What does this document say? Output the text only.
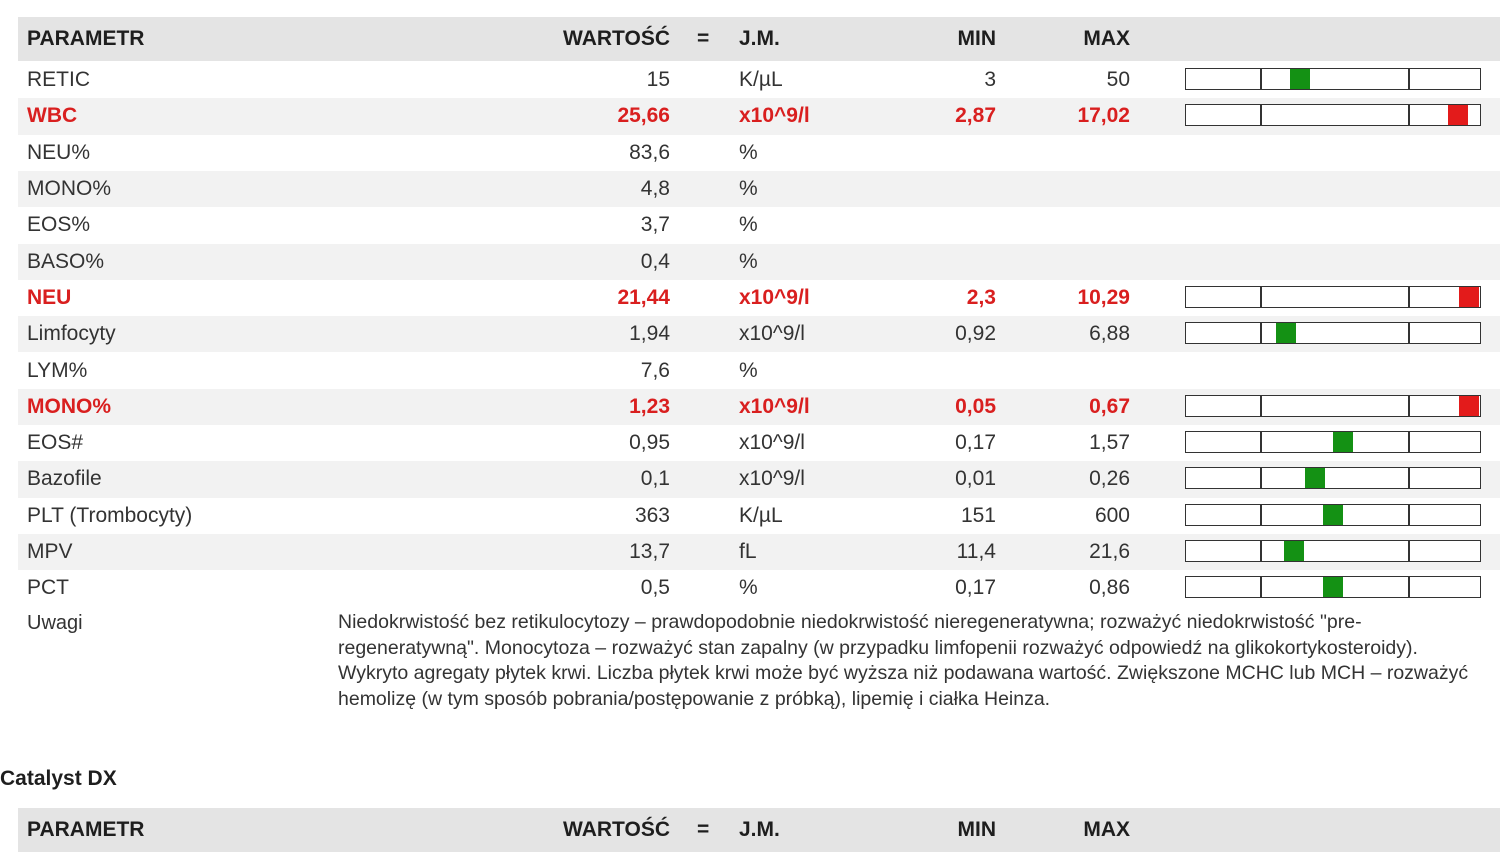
PARAMETR	WARTOŚĆ = J.M.	MIN	MAX
RETIC	15	K/µL	3	50
WBC	25,66	x10^9/l	2,87	17,02
NEU%	83,6	%
MONO%	4,8	%
EOS%	3,7	%
BASO%	0,4	%
NEU	21,44	x10^9/l	2,3	10,29
Limfocyty	1,94	x10^9/l	0,92	6,88
LYM%	7,6	%
MONO%	1,23	x10^9/l	0,05	0,67
EOS#	0,95	x10^9/l	0,17	1,57
Bazofile	0,1	x10^9/l	0,01	0,26
PLT (Trombocyty)	363	K/µL	151	600
MPV	13,7	fL	11,4	21,6
PCT	0,5	%	0,17	0,86
Uwagi	Niedokrwistość bez retikulocytozy – prawdopodobnie niedokrwistość nieregeneratywna; rozważyć niedokrwistość "pre-regeneratywną". Monocytoza – rozważyć stan zapalny (w przypadku limfopenii rozważyć odpowiedź na glikokortykosteroidy). Wykryto agregaty płytek krwi. Liczba płytek krwi może być wyższa niż podawana wartość. Zwiększone MCHC lub MCH – rozważyć hemolizę (w tym sposób pobrania/postępowanie z próbką), lipemię i ciałka Heinza.
Catalyst DX
PARAMETR	WARTOŚĆ = J.M.	MIN	MAX
